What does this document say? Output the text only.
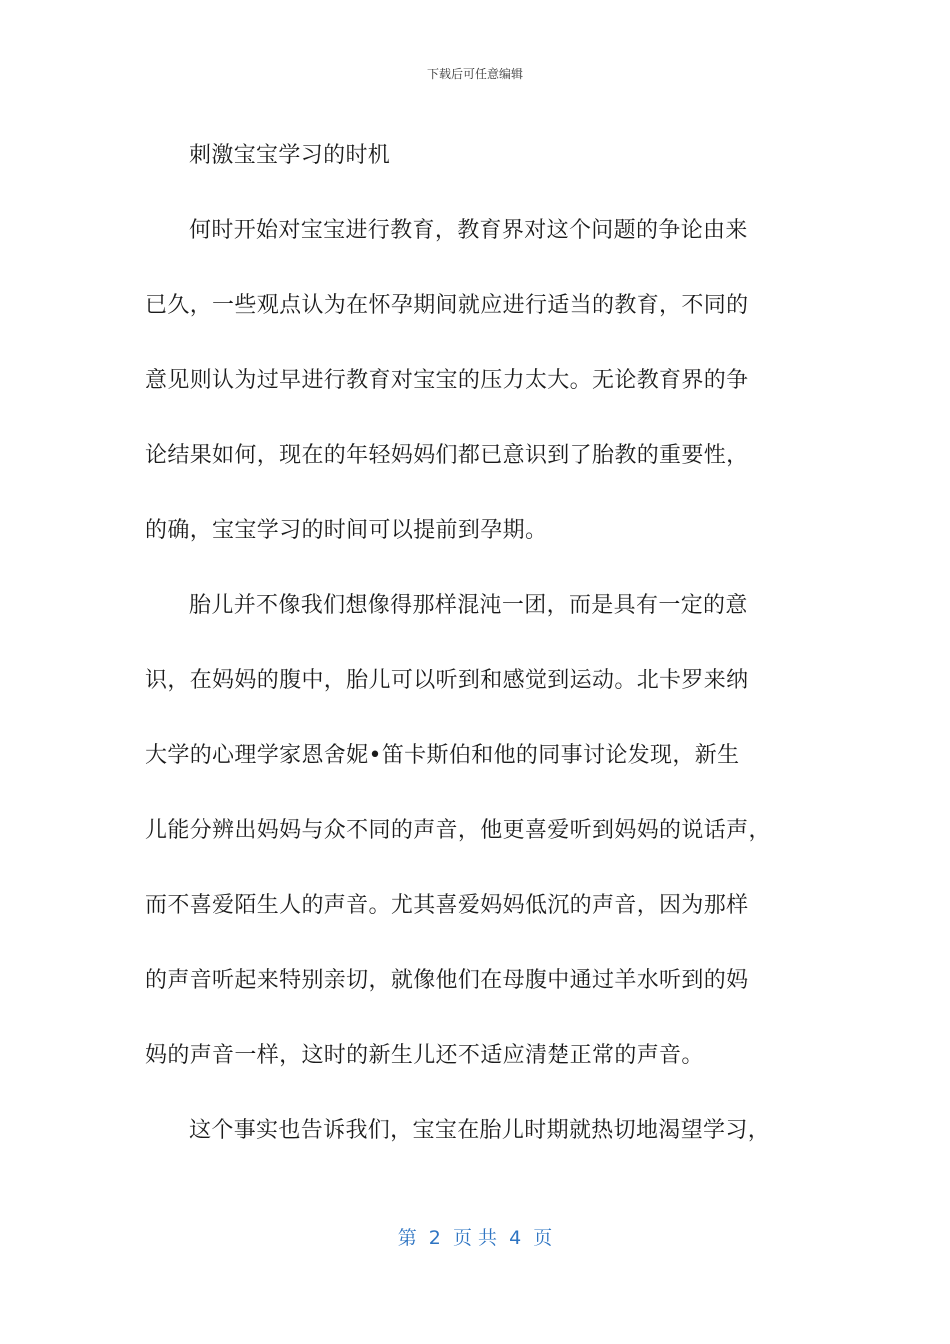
下载后可任意编辑

刺激宝宝学习的时机

何时开始对宝宝进行教育，教育界对这个问题的争论由来
已久，一些观点认为在怀孕期间就应进行适当的教育，不同的
意见则认为过早进行教育对宝宝的压力太大。无论教育界的争
论结果如何，现在的年轻妈妈们都已意识到了胎教的重要性，
的确，宝宝学习的时间可以提前到孕期。

胎儿并不像我们想像得那样混沌一团，而是具有一定的意
识，在妈妈的腹中，胎儿可以听到和感觉到运动。北卡罗来纳
大学的心理学家恩舍妮•笛卡斯伯和他的同事讨论发现，新生
儿能分辨出妈妈与众不同的声音，他更喜爱听到妈妈的说话声，
而不喜爱陌生人的声音。尤其喜爱妈妈低沉的声音，因为那样
的声音听起来特别亲切，就像他们在母腹中通过羊水听到的妈
妈的声音一样，这时的新生儿还不适应清楚正常的声音。

这个事实也告诉我们，宝宝在胎儿时期就热切地渴望学习，

第  2  页 共  4  页
